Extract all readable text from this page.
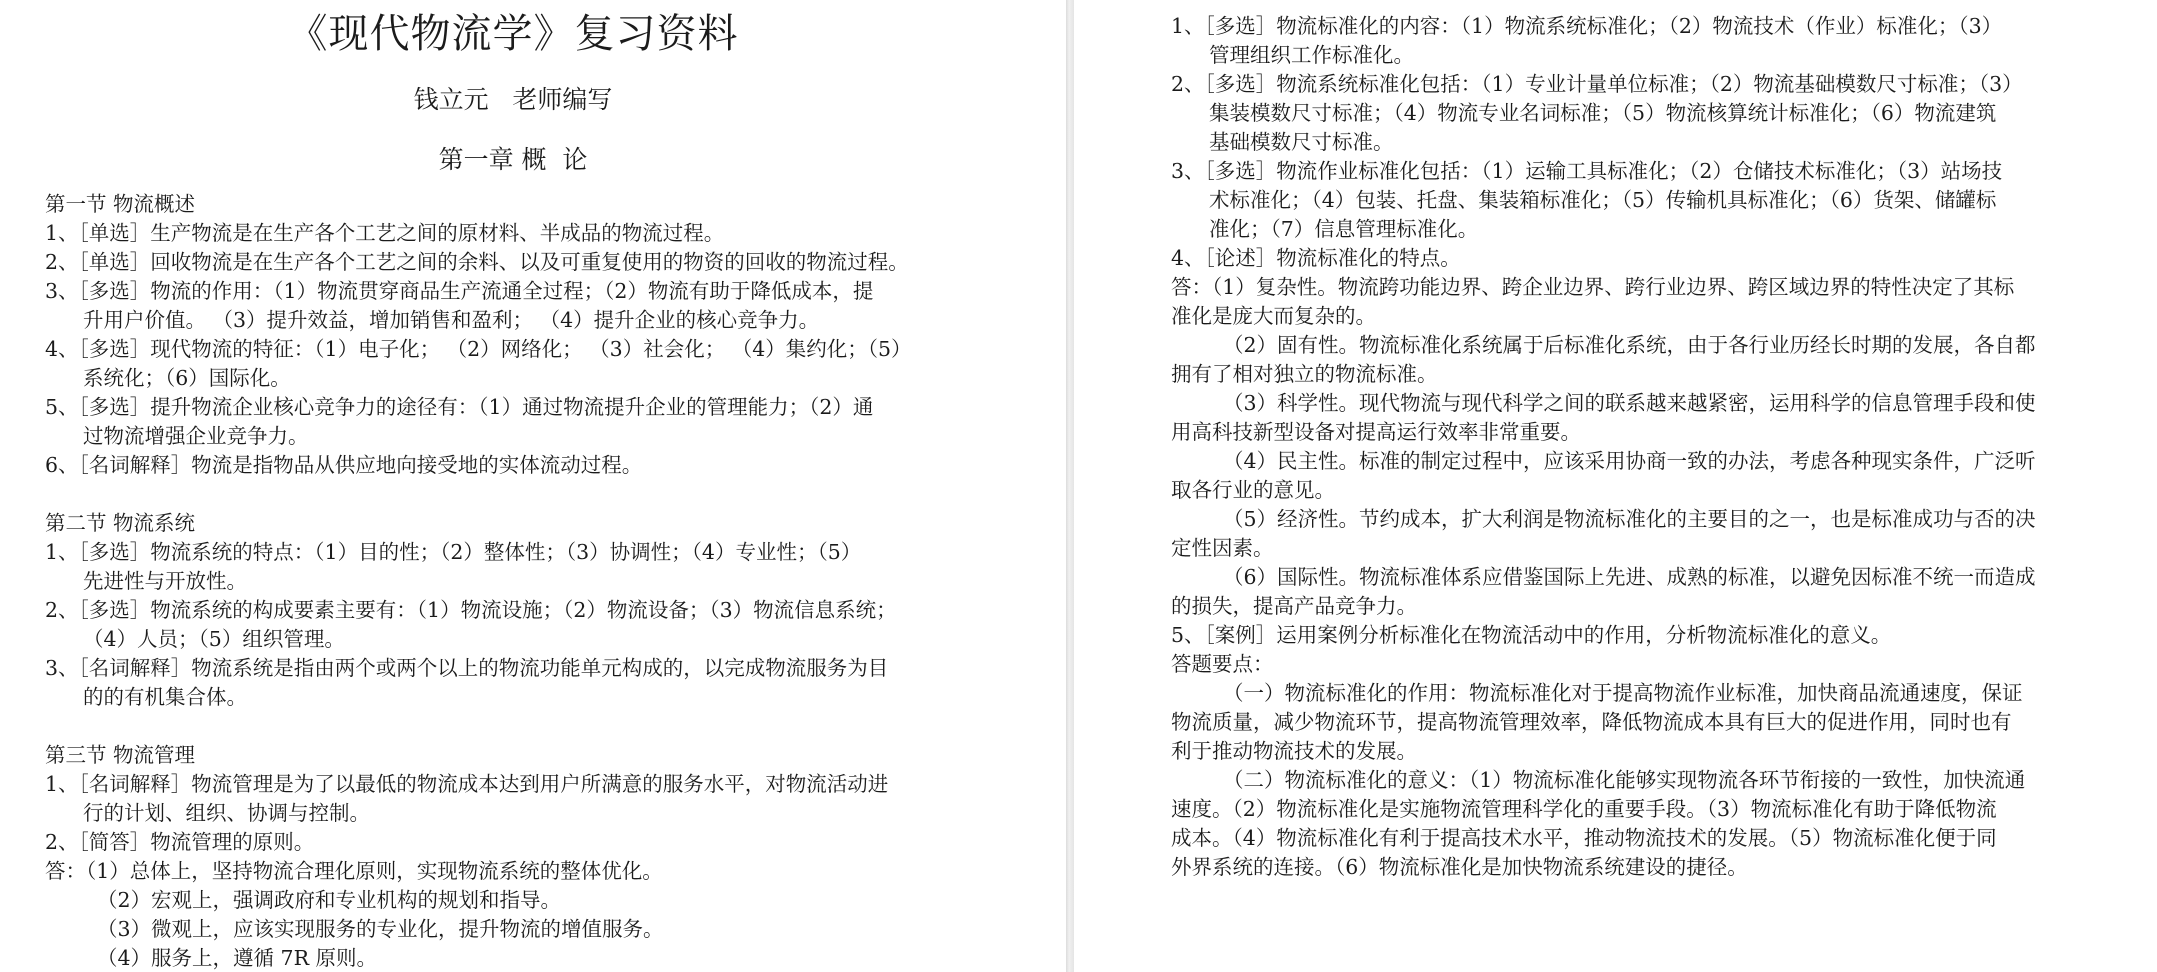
《现代物流学》复习资料
钱立元   老师编写
第一章 概  论
第一节 物流概述
1、［单选］生产物流是在生产各个工艺之间的原材料、半成品的物流过程。
2、［单选］回收物流是在生产各个工艺之间的余料、以及可重复使用的物资的回收的物流过程。
3、［多选］物流的作用：（1）物流贯穿商品生产流通全过程；（2）物流有助于降低成本，提
升用户价值。 （3）提升效益，增加销售和盈利； （4）提升企业的核心竞争力。
4、［多选］现代物流的特征：（1）电子化； （2）网络化； （3）社会化； （4）集约化；（5）
系统化；（6）国际化。
5、［多选］提升物流企业核心竞争力的途径有：（1）通过物流提升企业的管理能力；（2）通
过物流增强企业竞争力。
6、［名词解释］物流是指物品从供应地向接受地的实体流动过程。
第二节 物流系统
1、［多选］物流系统的特点：（1）目的性；（2）整体性；（3）协调性；（4）专业性；（5）
先进性与开放性。
2、［多选］物流系统的构成要素主要有：（1）物流设施；（2）物流设备；（3）物流信息系统；
（4）人员；（5）组织管理。
3、［名词解释］物流系统是指由两个或两个以上的物流功能单元构成的，以完成物流服务为目
的的有机集合体。
第三节 物流管理
1、［名词解释］物流管理是为了以最低的物流成本达到用户所满意的服务水平，对物流活动进
行的计划、组织、协调与控制。
2、［简答］物流管理的原则。
答：（1）总体上，坚持物流合理化原则，实现物流系统的整体优化。
（2）宏观上，强调政府和专业机构的规划和指导。
（3）微观上，应该实现服务的专业化，提升物流的增值服务。
（4）服务上，遵循 7R 原则。
1、［多选］物流标准化的内容：（1）物流系统标准化；（2）物流技术（作业）标准化；（3）
管理组织工作标准化。
2、［多选］物流系统标准化包括：（1）专业计量单位标准；（2）物流基础模数尺寸标准；（3）
集装模数尺寸标准；（4）物流专业名词标准；（5）物流核算统计标准化；（6）物流建筑
基础模数尺寸标准。
3、［多选］物流作业标准化包括：（1）运输工具标准化；（2）仓储技术标准化；（3）站场技
术标准化；（4）包装、托盘、集装箱标准化；（5）传输机具标准化；（6）货架、储罐标
准化；（7）信息管理标准化。
4、［论述］物流标准化的特点。
答：（1）复杂性。物流跨功能边界、跨企业边界、跨行业边界、跨区域边界的特性决定了其标
准化是庞大而复杂的。
（2）固有性。物流标准化系统属于后标准化系统，由于各行业历经长时期的发展，各自都
拥有了相对独立的物流标准。
（3）科学性。现代物流与现代科学之间的联系越来越紧密，运用科学的信息管理手段和使
用高科技新型设备对提高运行效率非常重要。
（4）民主性。标准的制定过程中，应该采用协商一致的办法，考虑各种现实条件，广泛听
取各行业的意见。
（5）经济性。节约成本，扩大利润是物流标准化的主要目的之一，也是标准成功与否的决
定性因素。
（6）国际性。物流标准体系应借鉴国际上先进、成熟的标准，以避免因标准不统一而造成
的损失，提高产品竞争力。
5、［案例］运用案例分析标准化在物流活动中的作用，分析物流标准化的意义。
答题要点：
（一）物流标准化的作用：物流标准化对于提高物流作业标准，加快商品流通速度，保证
物流质量，减少物流环节，提高物流管理效率，降低物流成本具有巨大的促进作用，同时也有
利于推动物流技术的发展。
（二）物流标准化的意义：（1）物流标准化能够实现物流各环节衔接的一致性，加快流通
速度。（2）物流标准化是实施物流管理科学化的重要手段。（3）物流标准化有助于降低物流
成本。（4）物流标准化有利于提高技术水平，推动物流技术的发展。（5）物流标准化便于同
外界系统的连接。（6）物流标准化是加快物流系统建设的捷径。
